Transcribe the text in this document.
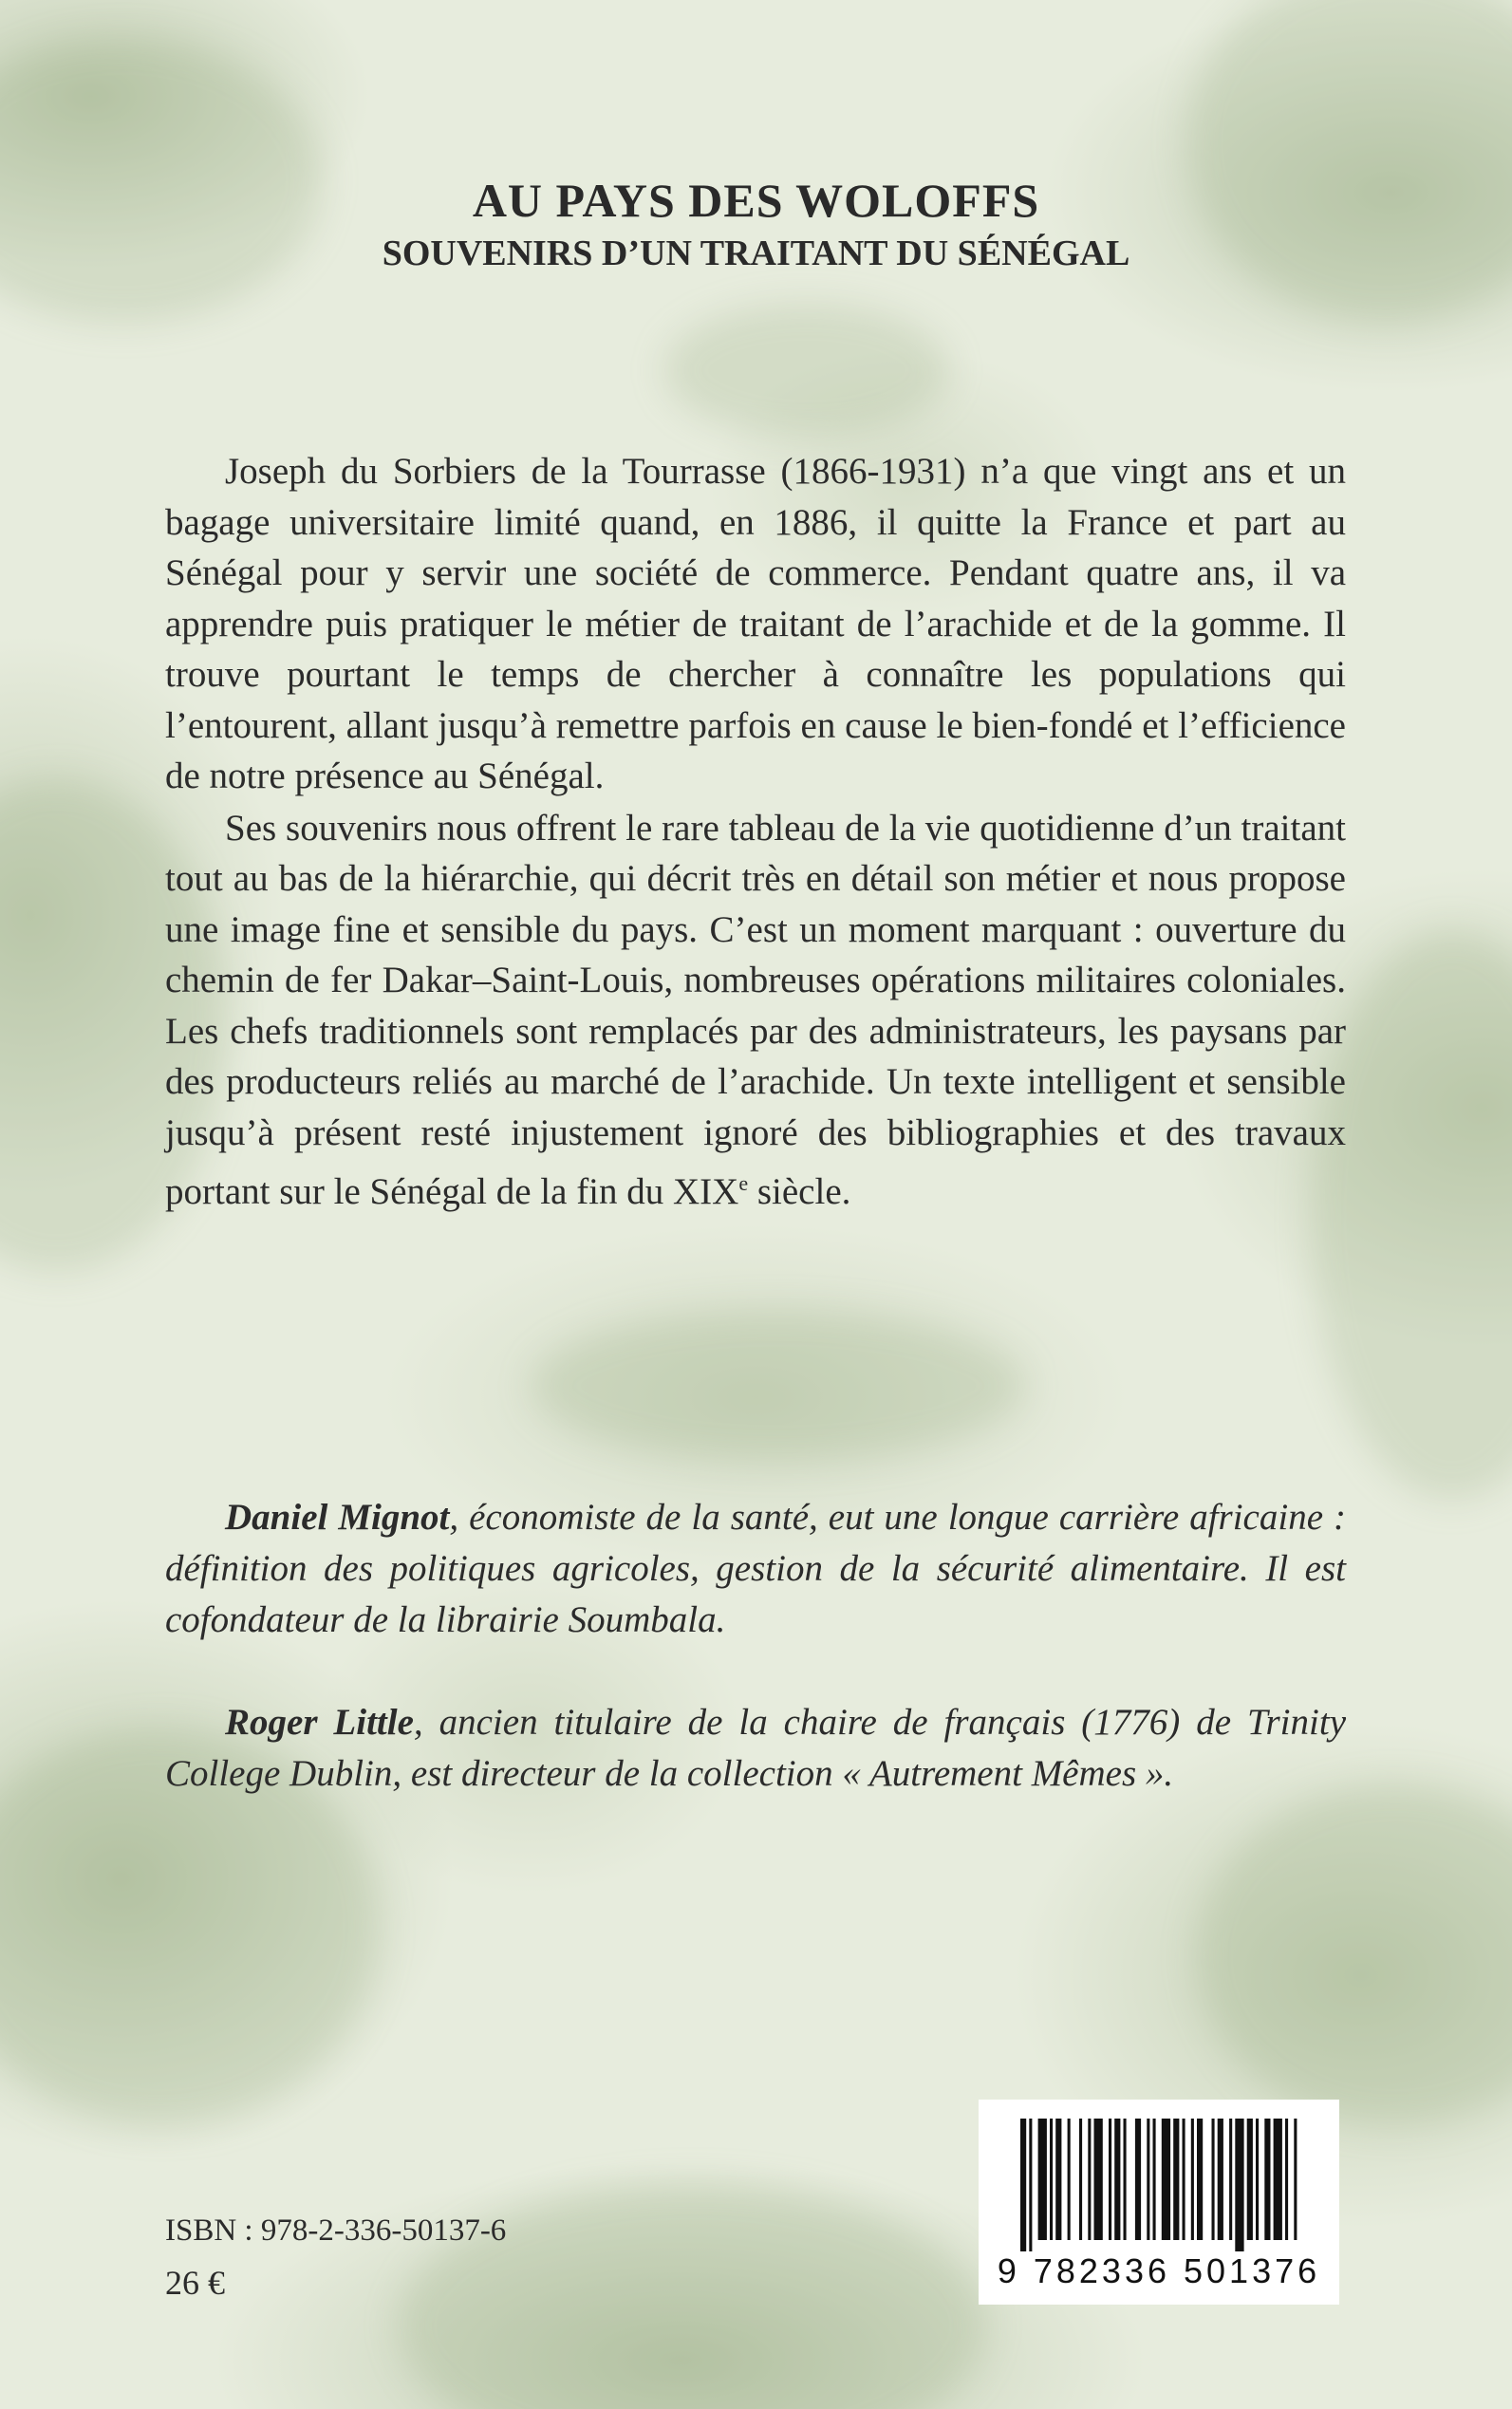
AU PAYS DES WOLOFFS
SOUVENIRS D’UN TRAITANT DU SÉNÉGAL

Joseph du Sorbiers de la Tourrasse (1866-1931) n’a que vingt ans et un bagage universitaire limité quand, en 1886, il quitte la France et part au Sénégal pour y servir une société de commerce. Pendant quatre ans, il va apprendre puis pratiquer le métier de traitant de l’arachide et de la gomme. Il trouve pourtant le temps de chercher à connaître les populations qui l’entourent, allant jusqu’à remettre parfois en cause le bien-fondé et l’efficience de notre présence au Sénégal.

Ses souvenirs nous offrent le rare tableau de la vie quotidienne d’un traitant tout au bas de la hiérarchie, qui décrit très en détail son métier et nous propose une image fine et sensible du pays. C’est un moment marquant : ouverture du chemin de fer Dakar–Saint-Louis, nombreuses opérations militaires coloniales. Les chefs traditionnels sont remplacés par des administrateurs, les paysans par des producteurs reliés au marché de l’arachide. Un texte intelligent et sensible jusqu’à présent resté injustement ignoré des bibliographies et des travaux portant sur le Sénégal de la fin du XIXe siècle.

Daniel Mignot, économiste de la santé, eut une longue carrière africaine : définition des politiques agricoles, gestion de la sécurité alimentaire. Il est cofondateur de la librairie Soumbala.

Roger Little, ancien titulaire de la chaire de français (1776) de Trinity College Dublin, est directeur de la collection « Autrement Mêmes ».

ISBN : 978-2-336-50137-6
26 €	9 782336 501376
